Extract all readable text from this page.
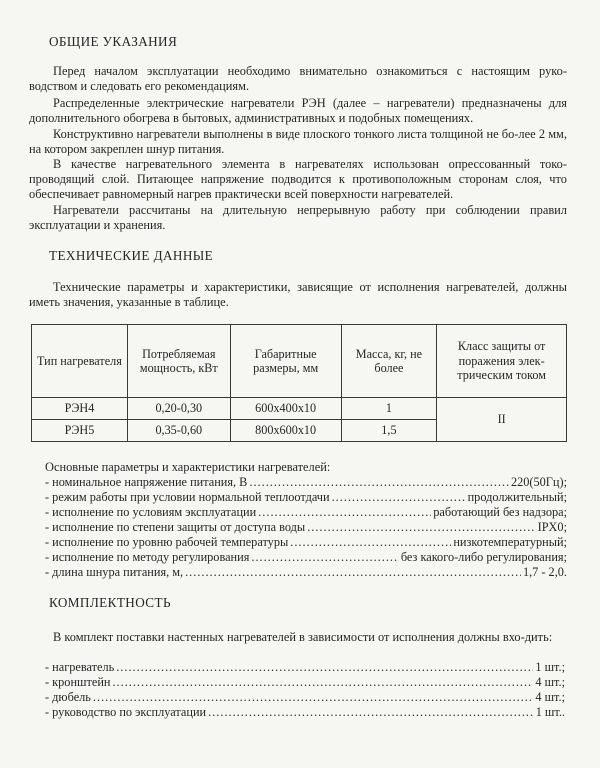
ОБЩИЕ УКАЗАНИЯ
Перед началом эксплуатации необходимо внимательно ознакомиться с настоящим руко-водством и следовать его рекомендациям.
Распределенные электрические нагреватели РЭН (далее – нагреватели) предназначены для дополнительного обогрева в бытовых, административных и подобных помещениях.
Конструктивно нагреватели выполнены в виде плоского тонкого листа толщиной не бо-лее 2 мм, на котором закреплен шнур питания.
В качестве нагревательного элемента в нагревателях использован опрессованный токо-проводящий слой. Питающее напряжение подводится к противоположным сторонам слоя, что обеспечивает равномерный нагрев практически всей поверхности нагревателей.
Нагреватели рассчитаны на длительную непрерывную работу при соблюдении правил эксплуатации и хранения.
ТЕХНИЧЕСКИЕ ДАННЫЕ
Технические параметры и характеристики, зависящие от исполнения нагревателей, должны иметь значения, указанные в таблице.
Тип нагревателя	Потребляемая мощность, кВт	Габаритные размеры, мм	Масса, кг, не более	Класс защиты от поражения элек-трическим током
РЭН4	0,20-0,30	600x400x10	1	II
РЭН5	0,35-0,60	800x600x10	1,5	
Основные параметры и характеристики нагревателей:
- номинальное напряжение питания, В .....	220(50Гц);
- режим работы при условии нормальной теплоотдачи .....	продолжительный;
- исполнение по условиям эксплуатации .....	работающий без надзора;
- исполнение по степени защиты от доступа воды .....	IPX0;
- исполнение по уровню рабочей температуры .....	низкотемпературный;
- исполнение по методу регулирования .....	без какого-либо регулирования;
- длина шнура питания, м, .....	1,7 - 2,0.
КОМПЛЕКТНОСТЬ
В комплект поставки настенных нагревателей в зависимости от исполнения должны вхо-дить:
- нагреватель .....	1 шт.;
- кронштейн .....	4 шт.;
- дюбель .....	4 шт.;
- руководство по эксплуатации .....	1 шт..
